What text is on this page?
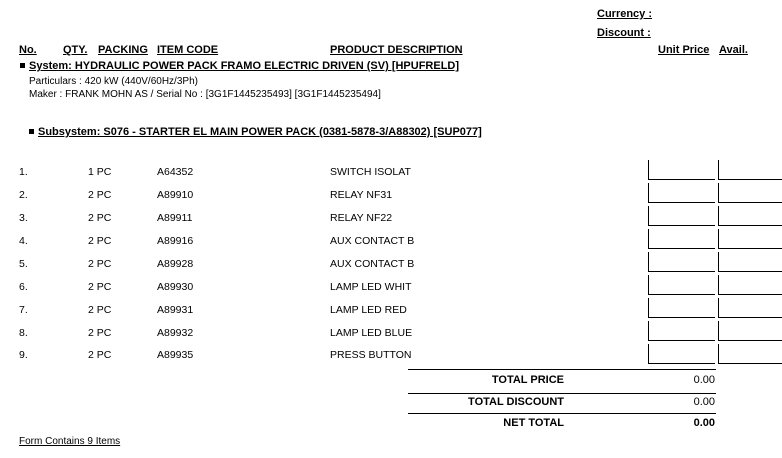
Currency :
Discount :
No. QTY. PACKING ITEM CODE	PRODUCT DESCRIPTION	Unit Price Avail.
System: HYDRAULIC POWER PACK FRAMO ELECTRIC DRIVEN (SV) [HPUFRELD]
Particulars : 420 kW (440V/60Hz/3Ph)
Maker : FRANK MOHN AS / Serial No : [3G1F1445235493] [3G1F1445235494]
Subsystem: S076 - STARTER EL MAIN POWER PACK (0381-5878-3/A88302) [SUP077]
1.	1 PC	A64352	SWITCH ISOLAT
2.	2 PC	A89910	RELAY NF31
3.	2 PC	A89911	RELAY NF22
4.	2 PC	A89916	AUX CONTACT B
5.	2 PC	A89928	AUX CONTACT B
6.	2 PC	A89930	LAMP LED WHIT
7.	2 PC	A89931	LAMP LED RED
8.	2 PC	A89932	LAMP LED BLUE
9.	2 PC	A89935	PRESS BUTTON
TOTAL PRICE	0.00
TOTAL DISCOUNT	0.00
NET TOTAL	0.00
Form Contains 9 Items
